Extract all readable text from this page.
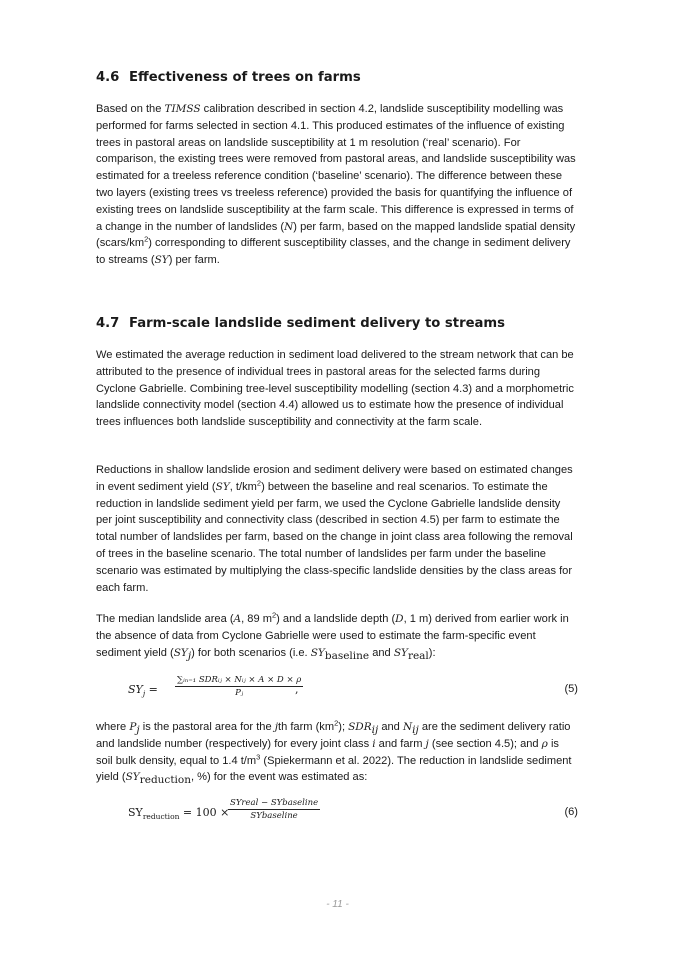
4.6 Effectiveness of trees on farms

Based on the TIMSS calibration described in section 4.2, landslide susceptibility modelling was performed for farms selected in section 4.1. This produced estimates of the influence of existing trees in pastoral areas on landslide susceptibility at 1 m resolution (‘real’ scenario). For comparison, the existing trees were removed from pastoral areas, and landslide susceptibility was estimated for a treeless reference condition (‘baseline’ scenario). The difference between these two layers (existing trees vs treeless reference) provided the basis for quantifying the influence of existing trees on landslide susceptibility at the farm scale. This difference is expressed in terms of a change in the number of landslides (N) per farm, based on the mapped landslide spatial density $(scars/km^2)$ corresponding to different susceptibility classes, and the change in sediment delivery to streams (SY) per farm.

4.7 Farm-scale landslide sediment delivery to streams

We estimated the average reduction in sediment load delivered to the stream network that can be attributed to the presence of individual trees in pastoral areas for the selected farms during Cyclone Gabrielle. Combining tree-level susceptibility modelling (section 4.3) and a morphometric landslide connectivity model (section 4.4) allowed us to estimate how the presence of individual trees influences both landslide susceptibility and connectivity at the farm scale.

Reductions in shallow landslide erosion and sediment delivery were based on estimated changes in event sediment yield (SY, $t/km^2$) between the baseline and real scenarios. To estimate the reduction in landslide sediment yield per farm, we used the Cyclone Gabrielle landslide density per joint susceptibility and connectivity class (described in section 4.5) per farm to estimate the total number of landslides per farm, based on the change in joint class area following the removal of trees in the baseline scenario. The total number of landslides per farm under the baseline scenario was estimated by multiplying the class-specific landslide densities by the class areas for each farm.

The median landslide area (A, 89 $m^2$) and a landslide depth (D, 1 m) derived from earlier work in the absence of data from Cyclone Gabrielle were used to estimate the farm-specific event sediment yield $(SY_j)$ for both scenarios (i.e. $SY_{baseline}$ and $SY_{real}$):

$SY_j$ =
∑ᵢₙ₌₁ SDRᵢⱼ × Nᵢⱼ × A × D × ρ
Pⱼ	,	(5)

where $P_j$ is the pastoral area for the jth farm $(km^2)$; $SDR_{ij}$ and $N_{ij}$ are the sediment delivery ratio and landslide number (respectively) for every joint class i and farm j (see section 4.5); and ρ is soil bulk density, equal to 1.4 $t/m^3$ (Spiekermann et al. 2022). The reduction in landslide sediment yield ($SY_{reduction}$, %) for the event was estimated as:

$SY_{reduction} = 100$ ×
SYreal − SYbaseline
SYbaseline	(6)
- 11 -
